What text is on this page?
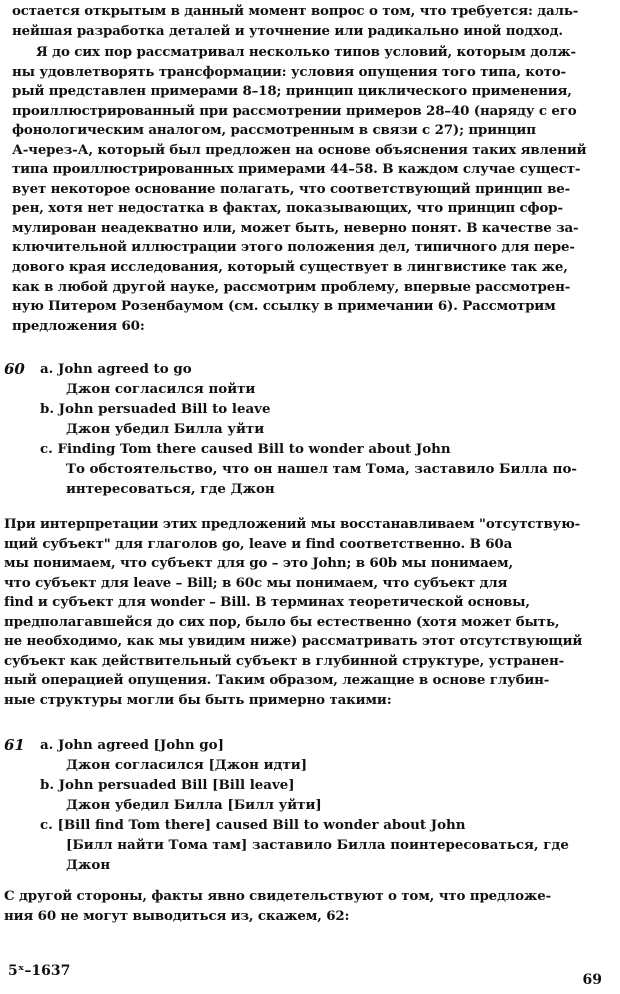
остается открытым в данный момент вопрос о том, что требуется: даль-
нейшая разработка деталей и уточнение или радикально иной подход.
Я до сих пор рассматривал несколько типов условий, которым долж-
ны удовлетворять трансформации: условия опущения того типа, кото-
рый представлен примерами 8–18; принцип циклического применения,
проиллюстрированный при рассмотрении примеров 28–40 (наряду с его
фонологическим аналогом, рассмотренным в связи с 27); принцип
А-через-А, который был предложен на основе объяснения таких явлений
типа проиллюстрированных примерами 44–58. В каждом случае сущест-
вует некоторое основание полагать, что соответствующий принцип ве-
рен, хотя нет недостатка в фактах, показывающих, что принцип сфор-
мулирован неадекватно или, может быть, неверно понят. В качестве за-
ключительной иллюстрации этого положения дел, типичного для пере-
дового края исследования, который существует в лингвистике так же,
как в любой другой науке, рассмотрим проблему, впервые рассмотрен-
ную Питером Розенбаумом (см. ссылку в примечании 6). Рассмотрим
предложения 60:
60 a. John agreed to go
Джон согласился пойти
b. John persuaded Bill to leave
Джон убедил Билла уйти
c. Finding Tom there caused Bill to wonder about John
То обстоятельство, что он нашел там Тома, заставило Билла по-
интересоваться, где Джон
При интерпретации этих предложений мы восстанавливаем "отсутствую-
щий субъект" для глаголов go, leave и find соответственно. В 60a
мы понимаем, что субъект для go – это John; в 60b мы понимаем,
что субъект для leave – Bill; в 60c мы понимаем, что субъект для
find и субъект для wonder – Bill. В терминах теоретической основы,
предполагавшейся до сих пор, было бы естественно (хотя может быть,
не необходимо, как мы увидим ниже) рассматривать этот отсутствующий
субъект как действительный субъект в глубинной структуре, устранен-
ный операцией опущения. Таким образом, лежащие в основе глубин-
ные структуры могли бы быть примерно такими:
61 a. John agreed [John go]
Джон согласился [Джон идти]
b. John persuaded Bill [Bill leave]
Джон убедил Билла [Билл уйти]
c. [Bill find Tom there] caused Bill to wonder about John
[Билл найти Тома там] заставило Билла поинтересоваться, где
Джон
С другой стороны, факты явно свидетельствуют о том, что предложе-
ния 60 не могут выводиться из, скажем, 62:
5ˣ–1637
69
